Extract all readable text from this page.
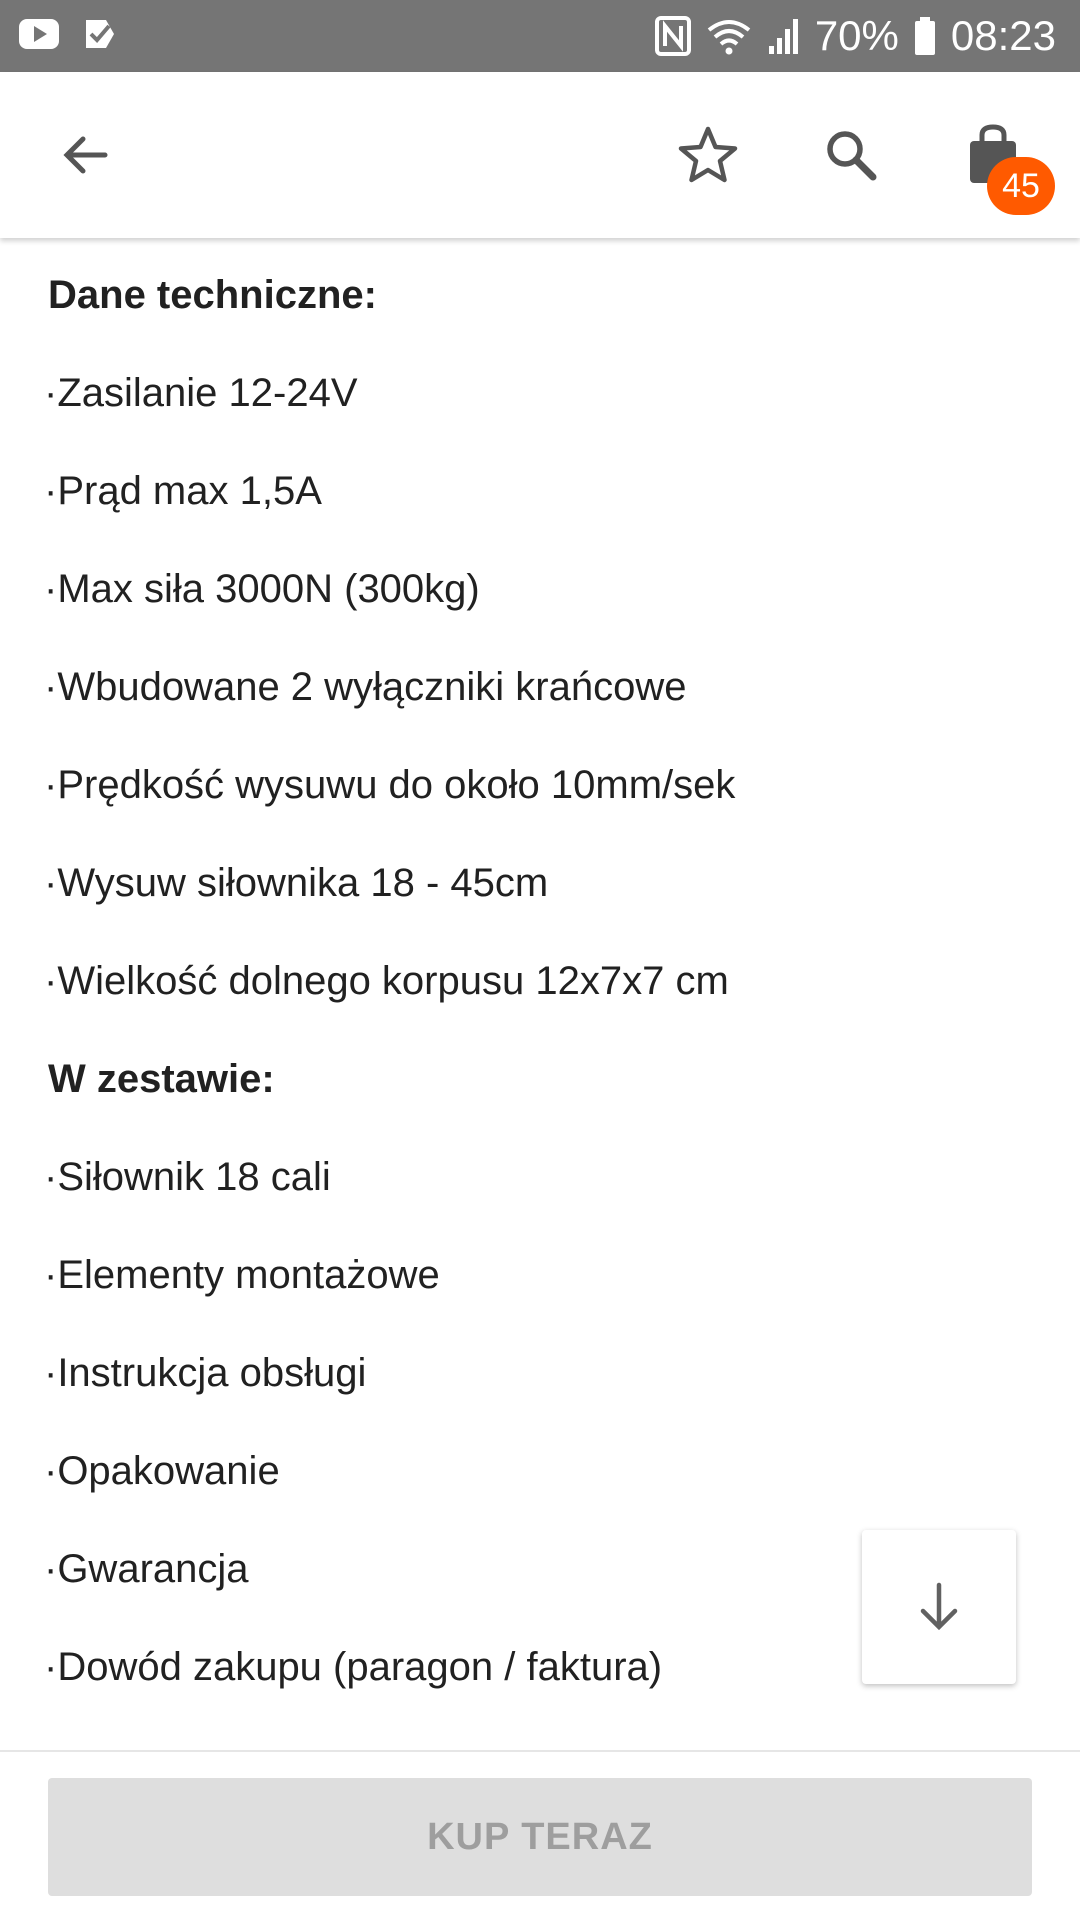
70% 08:23
45
Dane techniczne:
·Zasilanie 12-24V
·Prąd max 1,5A
·Max siła 3000N (300kg)
·Wbudowane 2 wyłączniki krańcowe
·Prędkość wysuwu do około 10mm/sek
·Wysuw siłownika 18 - 45cm
·Wielkość dolnego korpusu 12x7x7 cm
W zestawie:
·Siłownik 18 cali
·Elementy montażowe
·Instrukcja obsługi
·Opakowanie
·Gwarancja
·Dowód zakupu (paragon / faktura)
KUP TERAZ
